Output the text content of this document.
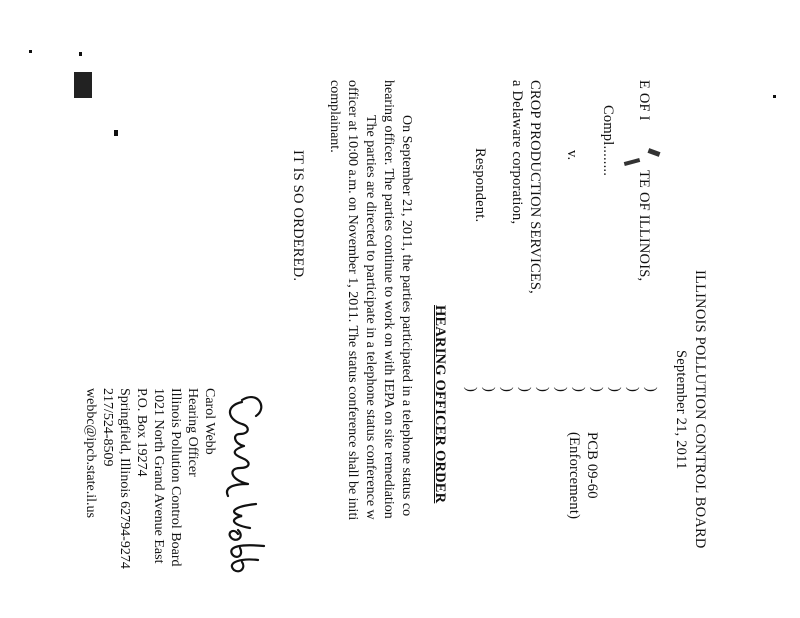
ILLINOIS POLLUTION CONTROL BOARD
September 21, 2011
E OF I
TE OF ILLINOIS,
Compl........
v.
CROP PRODUCTION SERVICES,
a Delaware corporation,
Respondent.
)
)
)
)
)
)
)
)
)
)
)
PCB 09-60
(Enforcement)
HEARING OFFICER ORDER
On September 21, 2011, the parties participated in a telephone status co
hearing officer. The parties continue to work on with IEPA on site remediation
The parties are directed to participate in a telephone status conference w
officer at 10:00 a.m. on November 1, 2011. The status conference shall be initi
complainant.
IT IS SO ORDERED.
Carol Webb
Hearing Officer
Illinois Pollution Control Board
1021 North Grand Avenue East
P.O. Box 19274
Springfield, Illinois 62794-9274
217/524-8509
webbc@ipcb.state.il.us
